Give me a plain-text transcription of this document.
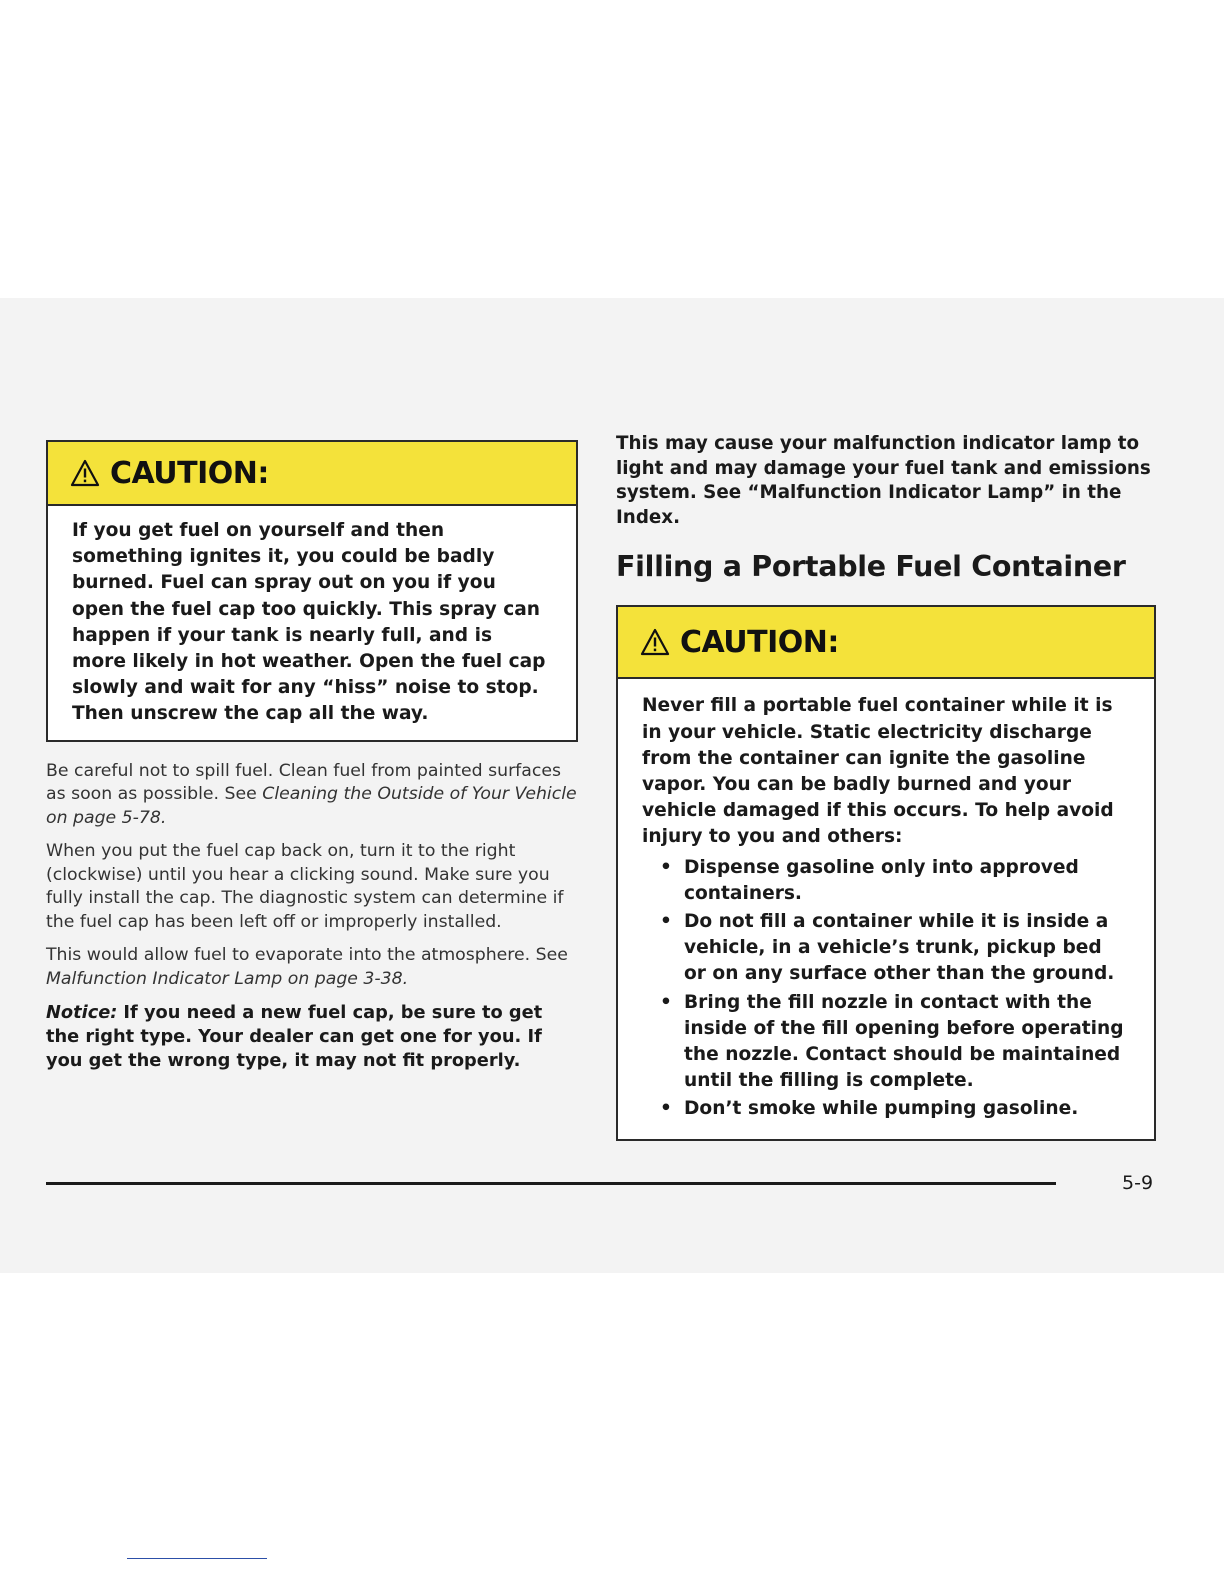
CAUTION:

If you get fuel on yourself and then something ignites it, you could be badly burned. Fuel can spray out on you if you open the fuel cap too quickly. This spray can happen if your tank is nearly full, and is more likely in hot weather. Open the fuel cap slowly and wait for any “hiss” noise to stop. Then unscrew the cap all the way.

Be careful not to spill fuel. Clean fuel from painted surfaces as soon as possible. See Cleaning the Outside of Your Vehicle on page 5-78.

When you put the fuel cap back on, turn it to the right (clockwise) until you hear a clicking sound. Make sure you fully install the cap. The diagnostic system can determine if the fuel cap has been left off or improperly installed.

This would allow fuel to evaporate into the atmosphere. See Malfunction Indicator Lamp on page 3-38.

Notice: If you need a new fuel cap, be sure to get the right type. Your dealer can get one for you. If you get the wrong type, it may not fit properly.

This may cause your malfunction indicator lamp to light and may damage your fuel tank and emissions system. See “Malfunction Indicator Lamp” in the Index.

Filling a Portable Fuel Container
CAUTION:

Never fill a portable fuel container while it is in your vehicle. Static electricity discharge from the container can ignite the gasoline vapor. You can be badly burned and your vehicle damaged if this occurs. To help avoid injury to you and others:

• Dispense gasoline only into approved containers.
• Do not fill a container while it is inside a vehicle, in a vehicle’s trunk, pickup bed or on any surface other than the ground.
• Bring the fill nozzle in contact with the inside of the fill opening before operating the nozzle. Contact should be maintained until the filling is complete.
• Don’t smoke while pumping gasoline.
5-9
